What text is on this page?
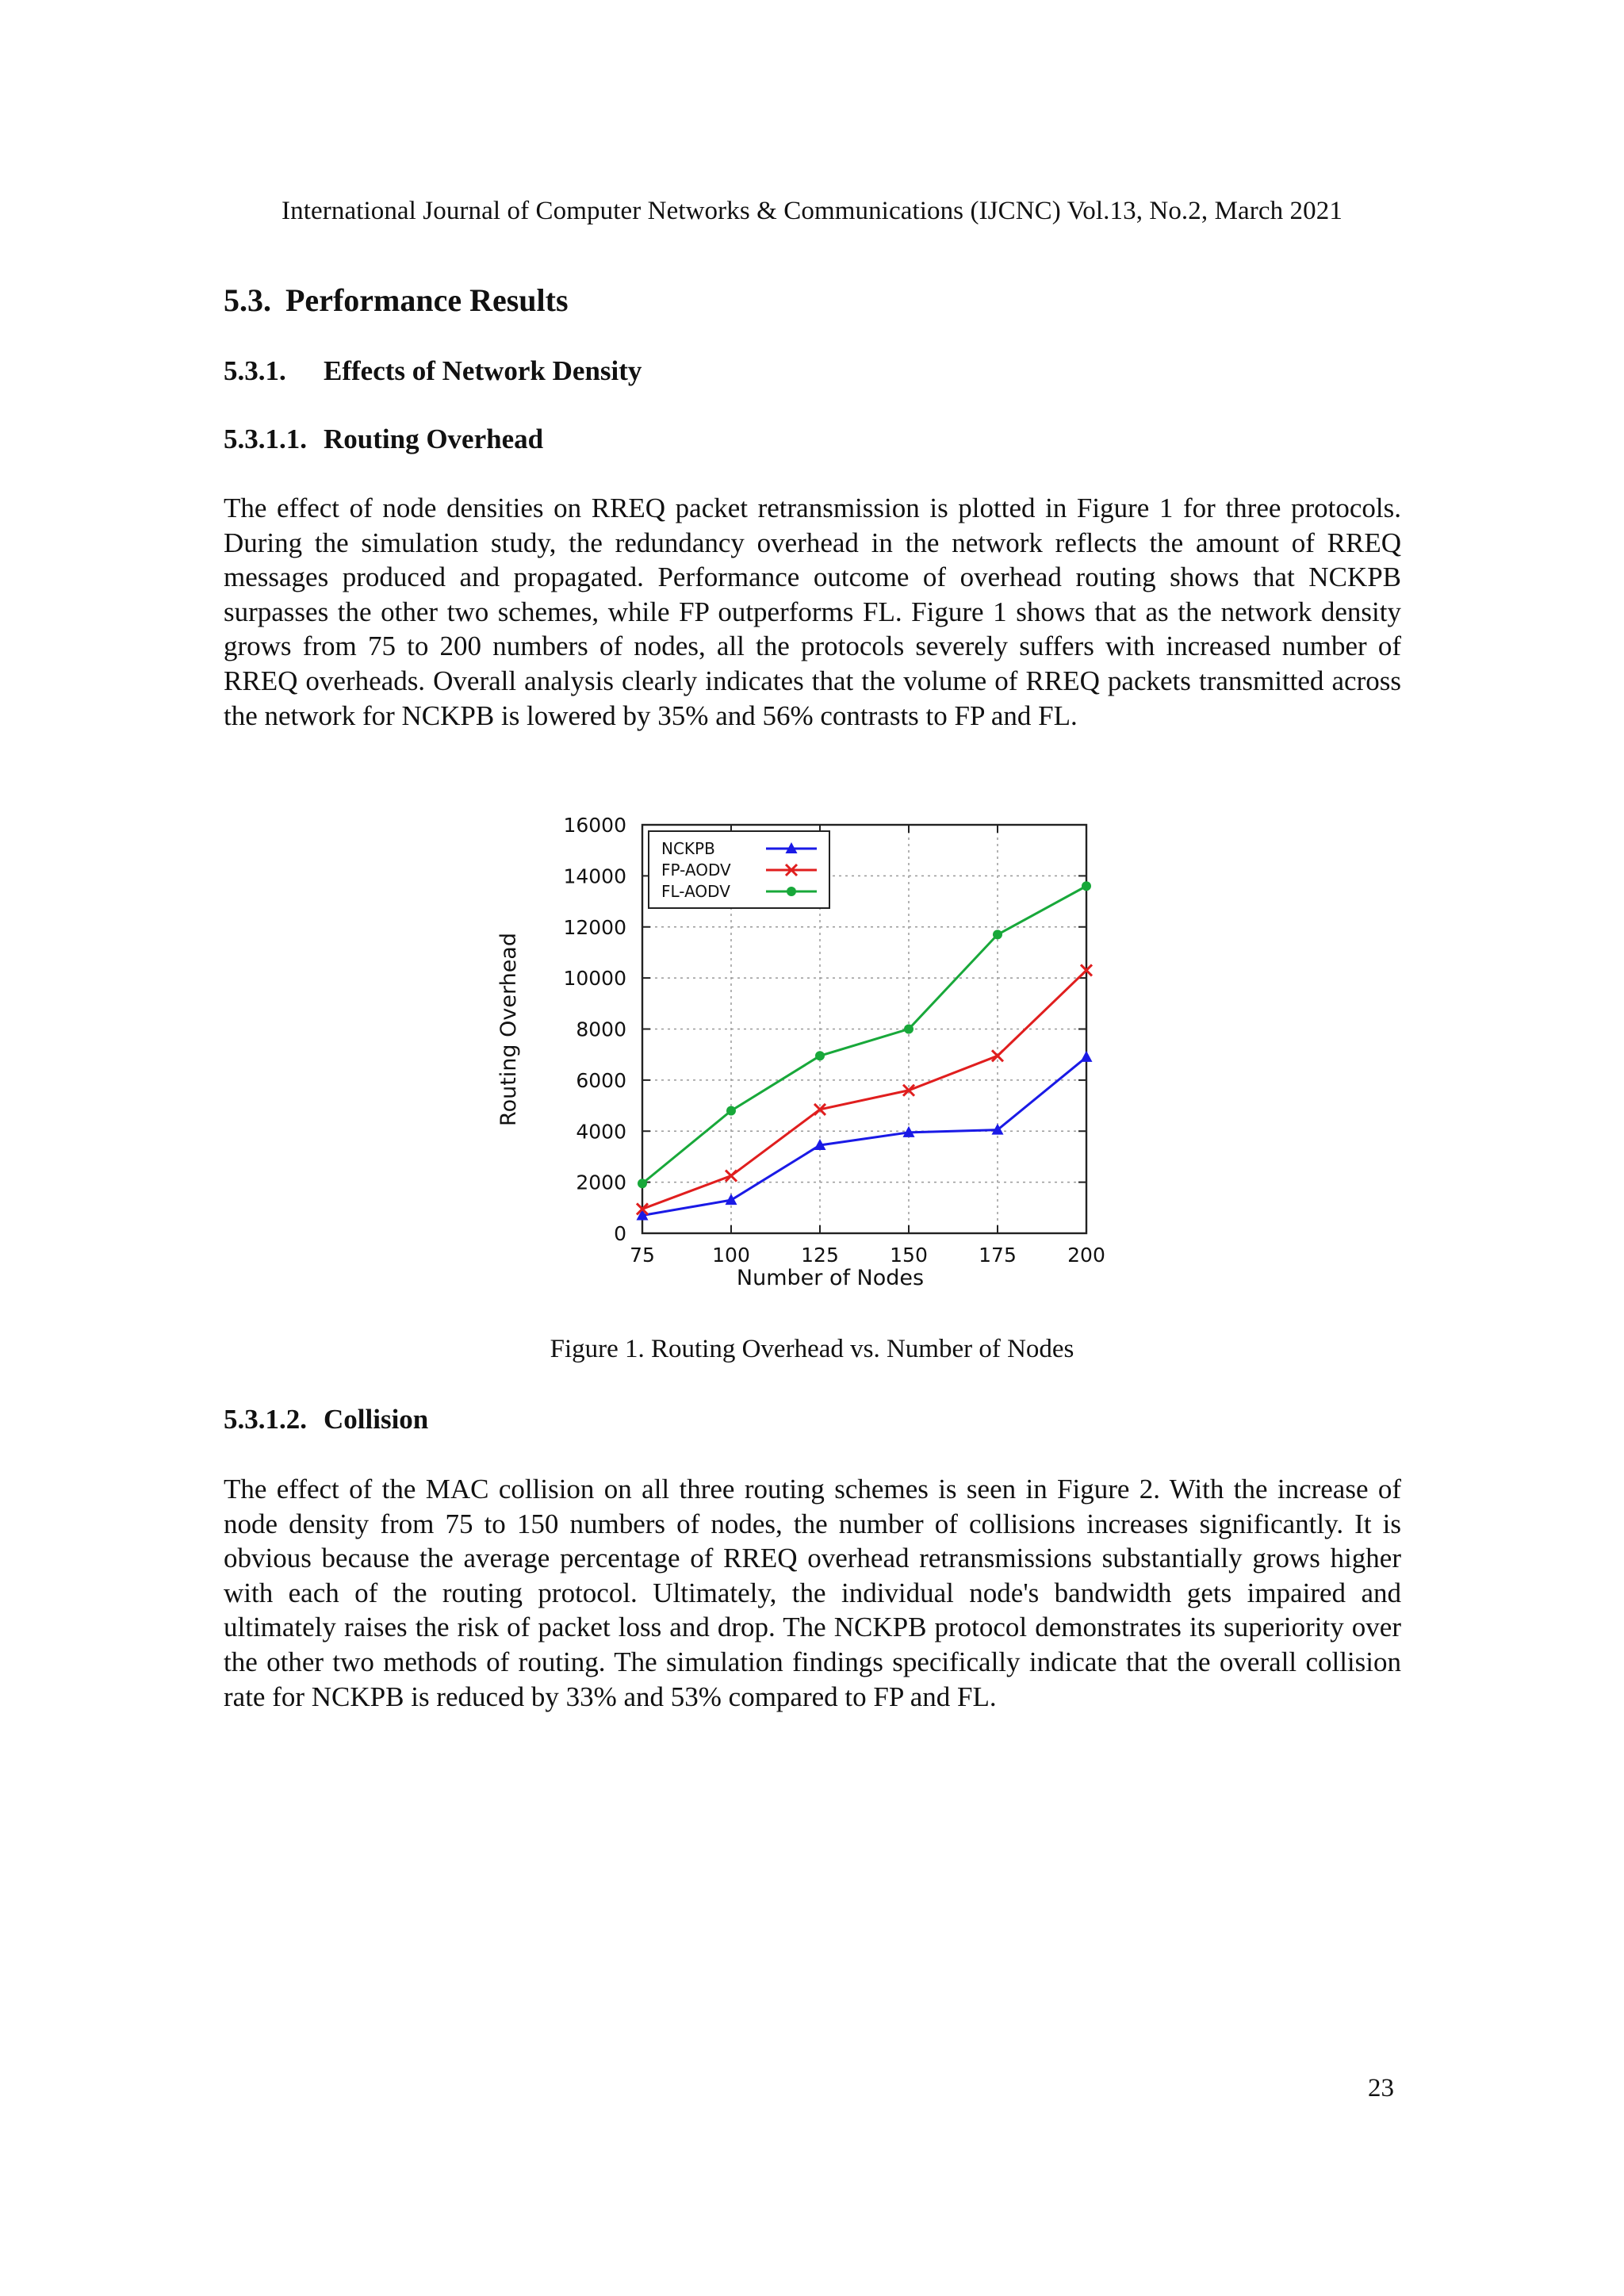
International Journal of Computer Networks & Communications (IJCNC) Vol.13, No.2, March 2021
5.3. Performance Results
5.3.1. Effects of Network Density
5.3.1.1. Routing Overhead

The effect of node densities on RREQ packet retransmission is plotted in Figure 1 for three protocols. During the simulation study, the redundancy overhead in the network reflects the amount of RREQ messages produced and propagated. Performance outcome of overhead routing shows that NCKPB surpasses the other two schemes, while FP outperforms FL. Figure 1 shows that as the network density grows from 75 to 200 numbers of nodes, all the protocols severely suffers with increased number of RREQ overheads. Overall analysis clearly indicates that the volume of RREQ packets transmitted across the network for NCKPB is lowered by 35% and 56% contrasts to FP and FL.

0
2000
4000
6000
8000
10000
12000
14000
16000
75	100	125	150	175	200
NCKPB
FP-AODV
FL-AODV
Number of Nodes
Routing Overhead
Figure 1. Routing Overhead vs. Number of Nodes
5.3.1.2. Collision

The effect of the MAC collision on all three routing schemes is seen in Figure 2. With the increase of node density from 75 to 150 numbers of nodes, the number of collisions increases significantly. It is obvious because the average percentage of RREQ overhead retransmissions substantially grows higher with each of the routing protocol. Ultimately, the individual node's bandwidth gets impaired and ultimately raises the risk of packet loss and drop. The NCKPB protocol demonstrates its superiority over the other two methods of routing. The simulation findings specifically indicate that the overall collision rate for NCKPB is reduced by 33% and 53% compared to FP and FL.

23
